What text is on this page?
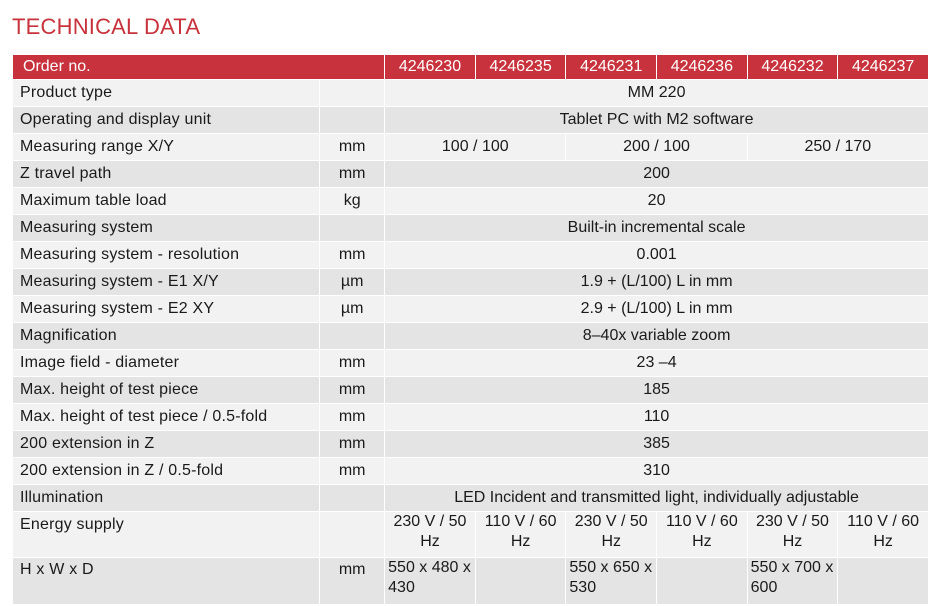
TECHNICAL DATA
Order no.		4246230	4246235	4246231	4246236	4246232	4246237
Product type		MM 220					
Operating and display unit		Tablet PC with M2 software					
Measuring range X/Y	mm	100 / 100		200 / 100		250 / 170	
Z travel path	mm	200					
Maximum table load	kg	20					
Measuring system		Built-in incremental scale					
Measuring system - resolution	mm	0.001					
Measuring system - E1 X/Y	µm	1.9 + (L/100) L in mm					
Measuring system - E2 XY	µm	2.9 + (L/100) L in mm					
Magnification		8–40x variable zoom					
Image field - diameter	mm	23 –4					
Max. height of test piece	mm	185					
Max. height of test piece / 0.5-fold	mm	110					
200 extension in Z	mm	385					
200 extension in Z / 0.5-fold	mm	310					
Illumination		LED Incident and transmitted light, individually adjustable					
Energy supply		230 V / 50 Hz	110 V / 60 Hz	230 V / 50 Hz	110 V / 60 Hz	230 V / 50 Hz	110 V / 60 Hz
H x W x D	mm	550 x 480 x 430		550 x 650 x 530		550 x 700 x 600	
